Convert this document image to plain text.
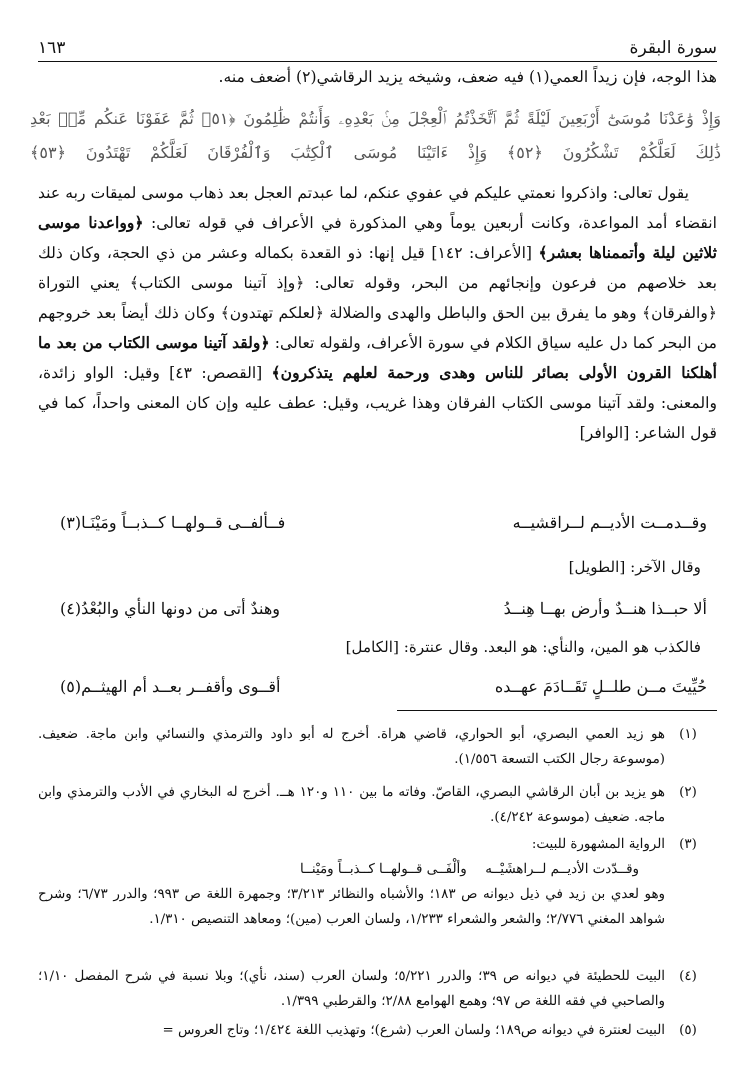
سورة البقرة
١٦٣
هذا الوجه، فإن زيداً العمي(١) فيه ضعف، وشيخه يزيد الرقاشي(٢) أضعف منه.
وَإِذْ وَٰعَدْنَا مُوسَىٰٓ أَرْبَعِينَ لَيْلَةً ثُمَّ ٱتَّخَذْتُمُ ٱلْعِجْلَ مِنۢ بَعْدِهِۦ وَأَنتُمْ ظَٰلِمُونَ ﴿٥١﴾ ثُمَّ عَفَوْنَا عَنكُم مِّنۢ بَعْدِ
ذَٰلِكَ لَعَلَّكُمْ تَشْكُرُونَ ﴿٥٢﴾ وَإِذْ ءَاتَيْنَا مُوسَى ٱلْكِتَٰبَ وَٱلْفُرْقَانَ لَعَلَّكُمْ تَهْتَدُونَ ﴿٥٣﴾
يقول تعالى: واذكروا نعمتي عليكم في عفوي عنكم، لما عبدتم العجل بعد ذهاب موسى لميقات ربه عند انقضاء أمد المواعدة، وكانت أربعين يوماً وهي المذكورة في الأعراف في قوله تعالى: ﴿وواعدنا موسى ثلاثين ليلة وأتممناها بعشر﴾ [الأعراف: ١٤٢] قيل إنها: ذو القعدة بكماله وعشر من ذي الحجة، وكان ذلك بعد خلاصهم من فرعون وإنجائهم من البحر، وقوله تعالى: ﴿وإذ آتينا موسى الكتاب﴾ يعني التوراة ﴿والفرقان﴾ وهو ما يفرق بين الحق والباطل والهدى والضلالة ﴿لعلكم تهتدون﴾ وكان ذلك أيضاً بعد خروجهم من البحر كما دل عليه سياق الكلام في سورة الأعراف، ولقوله تعالى: ﴿ولقد آتينا موسى الكتاب من بعد ما أهلكنا القرون الأولى بصائر للناس وهدى ورحمة لعلهم يتذكرون﴾ [القصص: ٤٣] وقيل: الواو زائدة، والمعنى: ولقد آتينا موسى الكتاب الفرقان وهذا غريب، وقيل: عطف عليه وإن كان المعنى واحداً، كما في قول الشاعر: [الوافر]
وقــدمــت الأديــم لــراقشيــه
فــألفــى قــولهــا كــذبــاً ومَيْنَـا(٣)
وقال الآخر: [الطويل]
ألا حبــذا هنــدٌ وأرض بهــا هِنــدُ
وهندٌ أتى من دونها النأي والبُعْدُ(٤)
فالكذب هو المين، والنأي: هو البعد. وقال عنترة: [الكامل]
حُيِّيتَ مــن طلــلٍ تَقَــادَمَ عهــده
أقــوى وأقفــر بعــد أم الهيثــم(٥)
(١)
هو زيد العمي البصري، أبو الحواري، قاضي هراة. أخرج له أبو داود والترمذي والنسائي وابن ماجة. ضعيف. (موسوعة رجال الكتب التسعة ١/٥٥٦).
(٢)
هو يزيد بن أبان الرقاشي البصري، القاصّ. وفاته ما بين ١١٠ و١٢٠ هــ. أخرج له البخاري في الأدب والترمذي وابن ماجه. ضعيف (موسوعة ٤/٢٤٢).
(٣)
الرواية المشهورة للبيت:
وقــدّدت الأديــم لــراهشَيْــه
وألْفَــى قــولهــا كــذبــاً ومَيْنــا
وهو لعدي بن زيد في ذيل ديوانه ص ١٨٣؛ والأشباه والنظائر ٣/٢١٣؛ وجمهرة اللغة ص ٩٩٣؛ والدرر ٦/٧٣؛ وشرح شواهد المغني ٢/٧٧٦؛ والشعر والشعراء ١/٢٣٣، ولسان العرب (مين)؛ ومعاهد التنصيص ١/٣١٠.
(٤)
البيت للحطيئة في ديوانه ص ٣٩؛ والدرر ٥/٢٢١؛ ولسان العرب (سند، نأي)؛ وبلا نسبة في شرح المفصل ١/١٠؛ والصاحبي في فقه اللغة ص ٩٧؛ وهمع الهوامع ٢/٨٨؛ والقرطبي ١/٣٩٩.
(٥)
البيت لعنترة في ديوانه ص١٨٩؛ ولسان العرب (شرع)؛ وتهذيب اللغة ١/٤٢٤؛ وتاج العروس =
